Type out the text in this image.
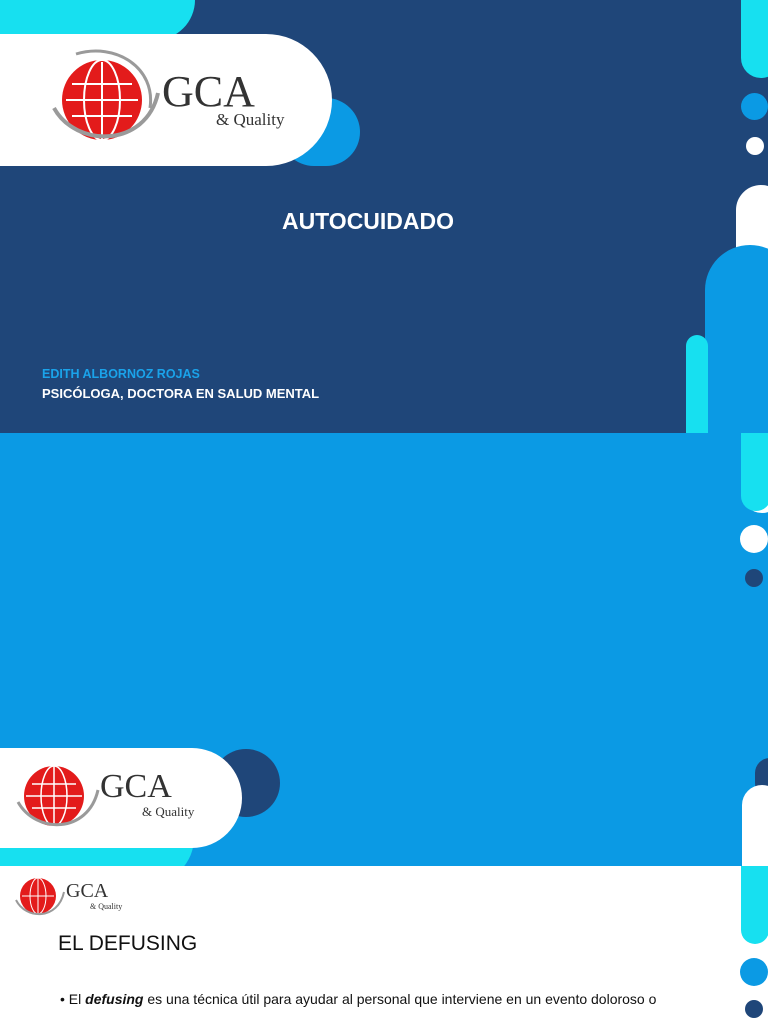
GCA
& Quality
AUTOCUIDADO
EDITH ALBORNOZ ROJAS
PSICÓLOGA, DOCTORA EN SALUD MENTAL
GCA
& Quality
GCA
& Quality
EL DEFUSING
• El defusing es una técnica útil para ayudar al personal que interviene en un evento doloroso o
